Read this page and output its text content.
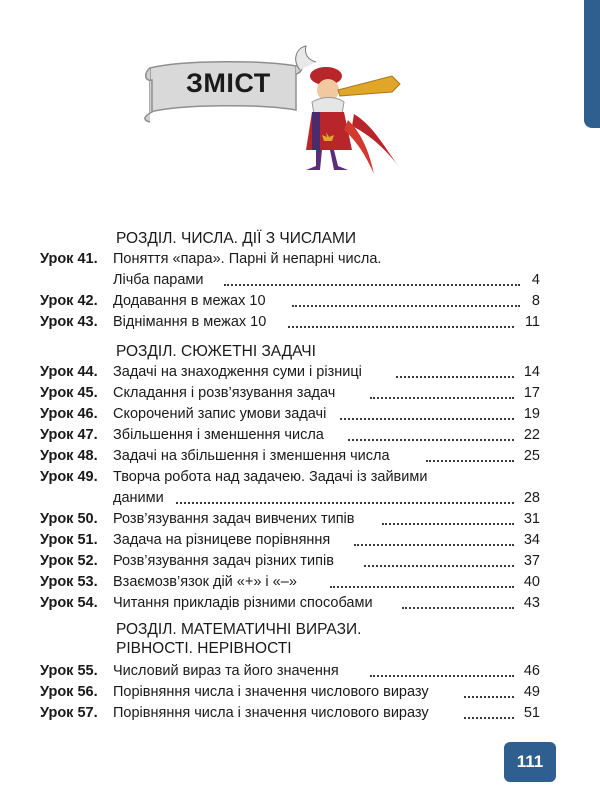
ЗМІСТ
РОЗДІЛ. ЧИСЛА. ДІЇ З ЧИСЛАМИ
Урок 41. Поняття «пара». Парні й непарні числа.
Лічба парами	4
Урок 42. Додавання в межах 10	8
Урок 43. Віднімання в межах 10	11
РОЗДІЛ. СЮЖЕТНІ ЗАДАЧІ
Урок 44. Задачі на знаходження суми і різниці	14
Урок 45. Складання і розв’язування задач	17
Урок 46. Скорочений запис умови задачі	19
Урок 47. Збільшення і зменшення числа	22
Урок 48. Задачі на збільшення і зменшення числа	25
Урок 49. Творча робота над задачею. Задачі із зайвими
даними	28
Урок 50. Розв’язування задач вивчених типів	31
Урок 51. Задача на різницеве порівняння	34
Урок 52. Розв’язування задач різних типів	37
Урок 53. Взаємозв’язок дій «+» і «–»	40
Урок 54. Читання прикладів різними способами	43
РОЗДІЛ. МАТЕМАТИЧНІ ВИРАЗИ.
РІВНОСТІ. НЕРІВНОСТІ
Урок 55. Числовий вираз та його значення	46
Урок 56. Порівняння числа і значення числового виразу	49
Урок 57. Порівняння числа і значення числового виразу	51
111
